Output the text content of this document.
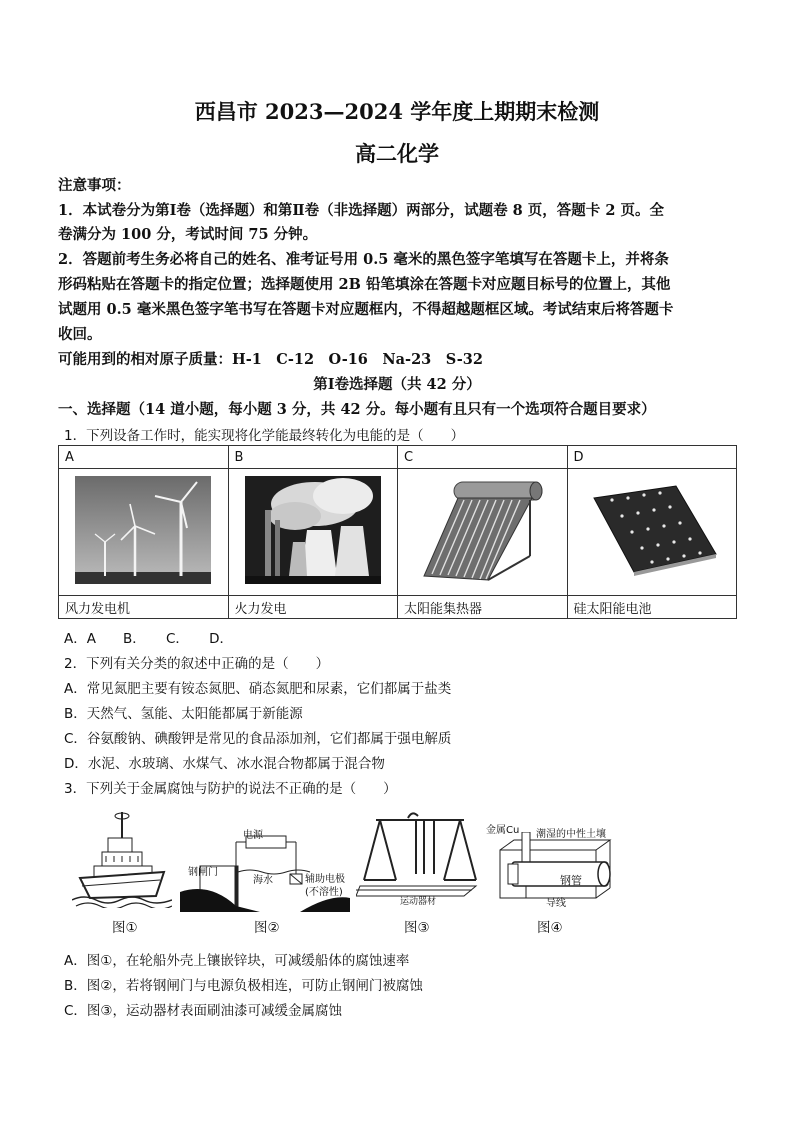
西昌市 2023—2024 学年度上期期末检测
高二化学
注意事项：
1．本试卷分为第Ⅰ卷（选择题）和第Ⅱ卷（非选择题）两部分，试题卷 8 页，答题卡 2 页。全
卷满分为 100 分，考试时间 75 分钟。
2．答题前考生务必将自己的姓名、准考证号用 0.5 毫米的黑色签字笔填写在答题卡上，并将条
形码粘贴在答题卡的指定位置；选择题使用 2B 铅笔填涂在答题卡对应题目标号的位置上，其他
试题用 0.5 毫米黑色签字笔书写在答题卡对应题框内，不得超越题框区域。考试结束后将答题卡
收回。
可能用到的相对原子质量：H-1　C-12　O-16　Na-23　S-32
第Ⅰ卷选择题（共 42 分）
一、选择题（14 道小题，每小题 3 分，共 42 分。每小题有且只有一个选项符合题目要求）
1．下列设备工作时，能实现将化学能最终转化为电能的是（　　）
A	B	C	D

风力发电机	火力发电	太阳能集热器	硅太阳能电池
A．A　　B．　　C．　　D．
2．下列有关分类的叙述中正确的是（　　）
A．常见氮肥主要有铵态氮肥、硝态氮肥和尿素，它们都属于盐类
B．天然气、氢能、太阳能都属于新能源
C．谷氨酸钠、碘酸钾是常见的食品添加剂，它们都属于强电解质
D．水泥、水玻璃、水煤气、冰水混合物都属于混合物
3．下列关于金属腐蚀与防护的说法不正确的是（　　）
图①
电源
钢闸门
海水	辅助电极
(不溶性)
图②
运动器材
图③
金属Cu 潮湿的中性土壤
钢管
导线
图④
A．图①，在轮船外壳上镶嵌锌块，可减缓船体的腐蚀速率
B．图②，若将钢闸门与电源负极相连，可防止钢闸门被腐蚀
C．图③，运动器材表面刷油漆可减缓金属腐蚀
